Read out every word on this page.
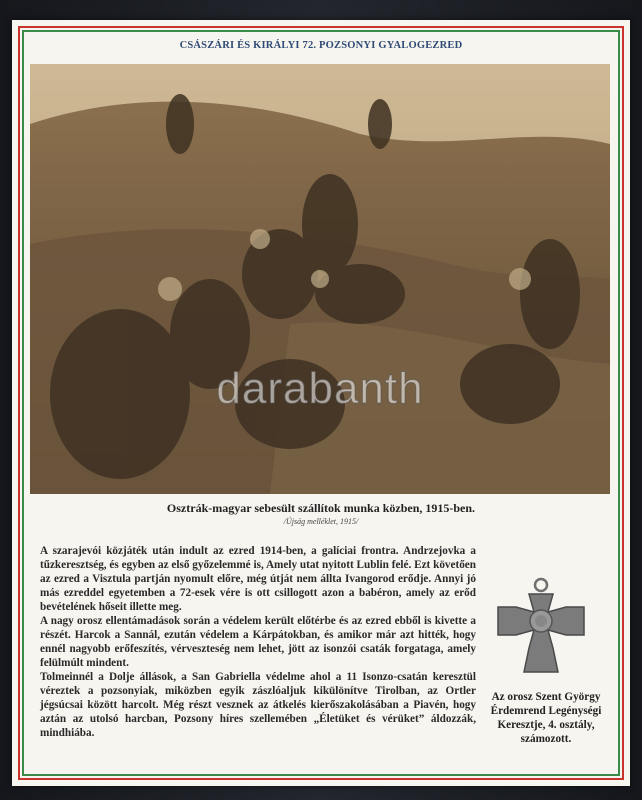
CSÁSZÁRI ÉS KIRÁLYI 72. POZSONYI GYALOGEZRED
darabanth
Osztrák-magyar sebesült szállítok munka közben, 1915-ben.
/Újság melléklet, 1915/

A szarajevói közjáték után indult az ezred 1914-ben, a galíciai frontra. Andrzejovka a tűzkeresztség, és egyben az első győzelemmé is, Amely utat nyitott Lublin felé. Ezt követően az ezred a Visztula partján nyomult előre, még útját nem állta Ivangorod erődje. Annyi jó más ezreddel egyetemben a 72-esek vére is ott csillogott azon a babéron, amely az erőd bevételének hőseit illette meg.

A nagy orosz ellentámadások során a védelem került előtérbe és az ezred ebből is kivette a részét. Harcok a Sannál, ezután védelem a Kárpátokban, és amikor már azt hitték, hogy ennél nagyobb erőfeszítés, vérveszteség nem lehet, jött az isonzói csaták forgataga, amely felülmúlt mindent.

Tolmeinnél a Dolje állások, a San Gabriella védelme ahol a 11 Isonzo-csatán keresztül véreztek a pozsonyiak, miközben egyik zászlóaljuk kikülönítve Tirolban, az Ortler jégsúcsai között harcolt. Még részt vesznek az átkelés kierőszakolásában a Piavén, hogy aztán az utolsó harcban, Pozsony híres szellemében „Életüket és vérüket” áldozzák, mindhiába.

Az orosz Szent György Érdemrend Legénységi Keresztje, 4. osztály, számozott.
